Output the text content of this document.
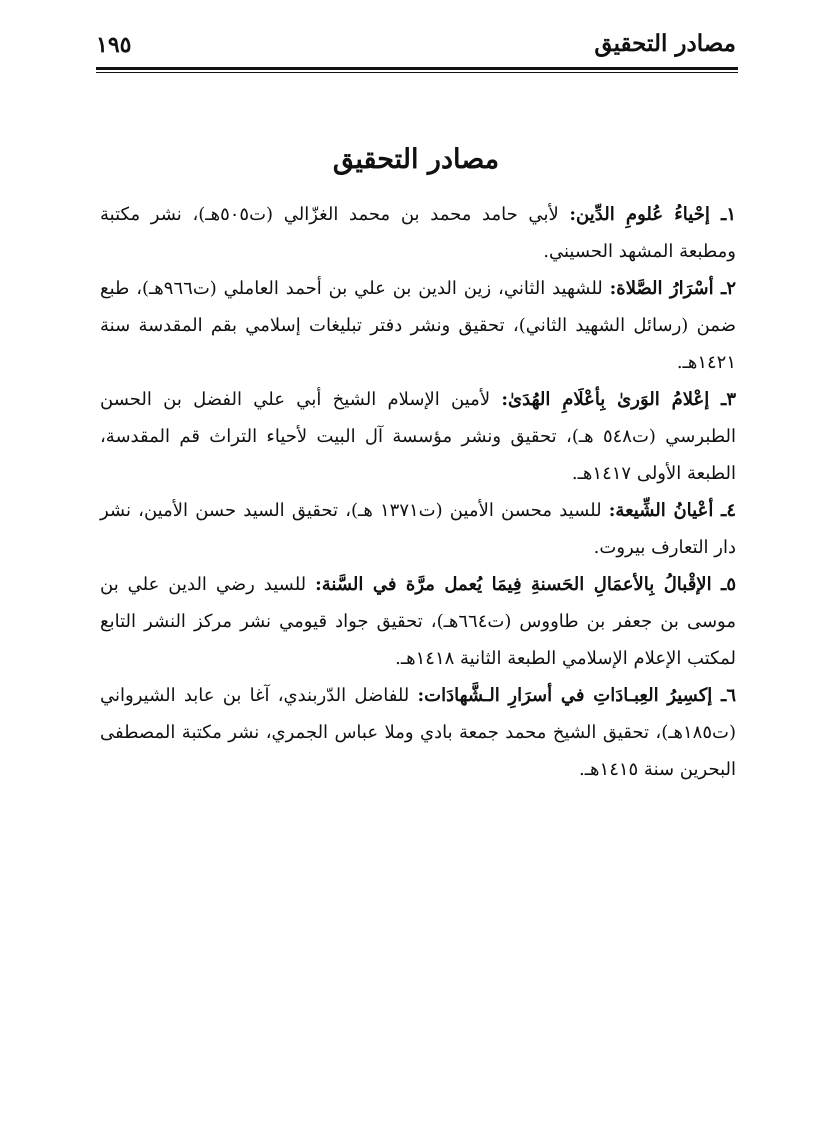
مصادر التحقيق
١٩٥
مصادر التحقيق

١ـ إحْياءُ عُلومِ الدِّين: لأبي حامد محمد بن محمد الغزّالي (ت٥٠٥هـ)، نشر مكتبة ومطبعة المشهد الحسيني.

٢ـ أسْرَارُ الصَّلاة: للشهيد الثاني، زين الدين بن علي بن أحمد العاملي (ت٩٦٦هـ)، طبع ضمن (رسائل الشهيد الثاني)، تحقيق ونشر دفتر تبليغات إسلامي بقم المقدسة سنة ١٤٢١هـ.

٣ـ إعْلامُ الوَرىٰ بِأعْلَامِ الهُدَىٰ: لأمين الإسلام الشيخ أبي علي الفضل بن الحسن الطبرسي (ت٥٤٨ هـ)، تحقيق ونشر مؤسسة آل البيت لأحياء التراث قم المقدسة، الطبعة الأولى ١٤١٧هـ.

٤ـ أعْيانُ الشِّيعة: للسيد محسن الأمين (ت١٣٧١ هـ)، تحقيق السيد حسن الأمين، نشر دار التعارف بيروت.

٥ـ الإقْبالُ بِالأعمَالِ الحَسنةِ فِيمَا يُعمل مرَّة في السَّنة: للسيد رضي الدين علي بن موسى بن جعفر بن طاووس (ت٦٦٤هـ)، تحقيق جواد قيومي نشر مركز النشر التابع لمكتب الإعلام الإسلامي الطبعة الثانية ١٤١٨هـ.

٦ـ إكسِيرُ العِبـادَاتِ في أسرَارِ الـشَّهادَات: للفاضل الدّربندي، آغا بن عابد الشيرواني (ت١٨٥هـ)، تحقيق الشيخ محمد جمعة بادي وملا عباس الجمري، نشر مكتبة المصطفى البحرين سنة ١٤١٥هـ.
